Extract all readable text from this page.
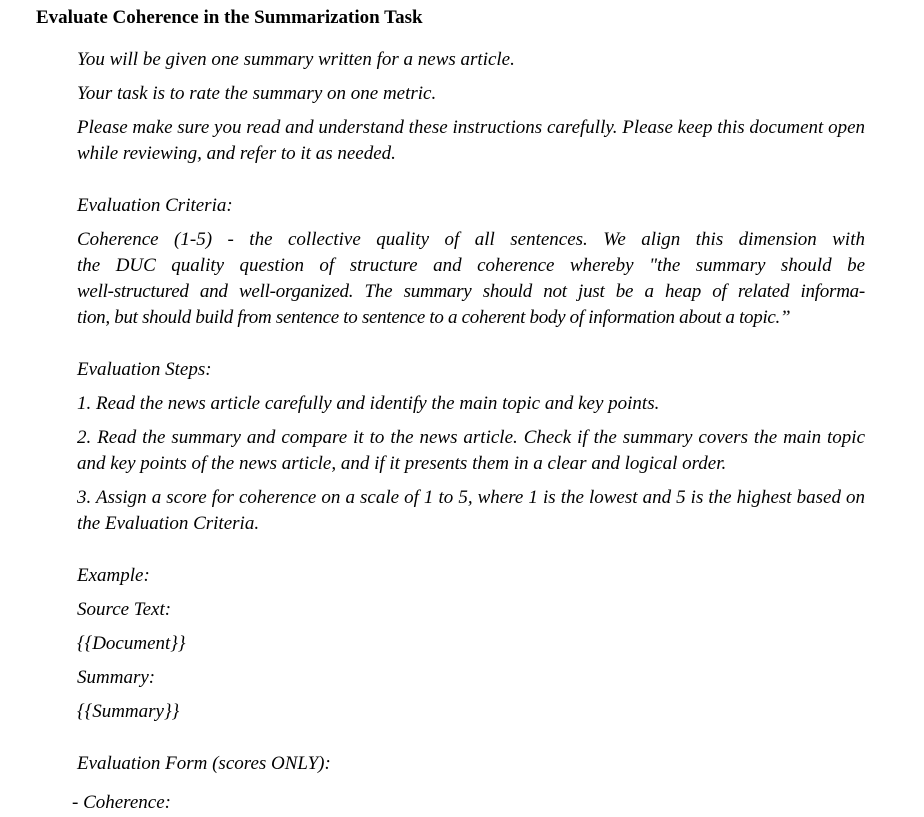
Evaluate Coherence in the Summarization Task

You will be given one summary written for a news article.

Your task is to rate the summary on one metric.

Please make sure you read and understand these instructions carefully. Please keep this document open while reviewing, and refer to it as needed.

Evaluation Criteria:

Coherence (1-5) - the collective quality of all sentences. We align this dimension with

the DUC quality question of structure and coherence whereby "the summary should be

well-structured and well-organized. The summary should not just be a heap of related informa-

tion, but should build from sentence to sentence to a coherent body of information about a topic.”

Evaluation Steps:

1. Read the news article carefully and identify the main topic and key points.

2. Read the summary and compare it to the news article. Check if the summary covers the main topic and key points of the news article, and if it presents them in a clear and logical order.

3. Assign a score for coherence on a scale of 1 to 5, where 1 is the lowest and 5 is the highest based on the Evaluation Criteria.

Example:

Source Text:

{{Document}}

Summary:

{{Summary}}

Evaluation Form (scores ONLY):

- Coherence:
